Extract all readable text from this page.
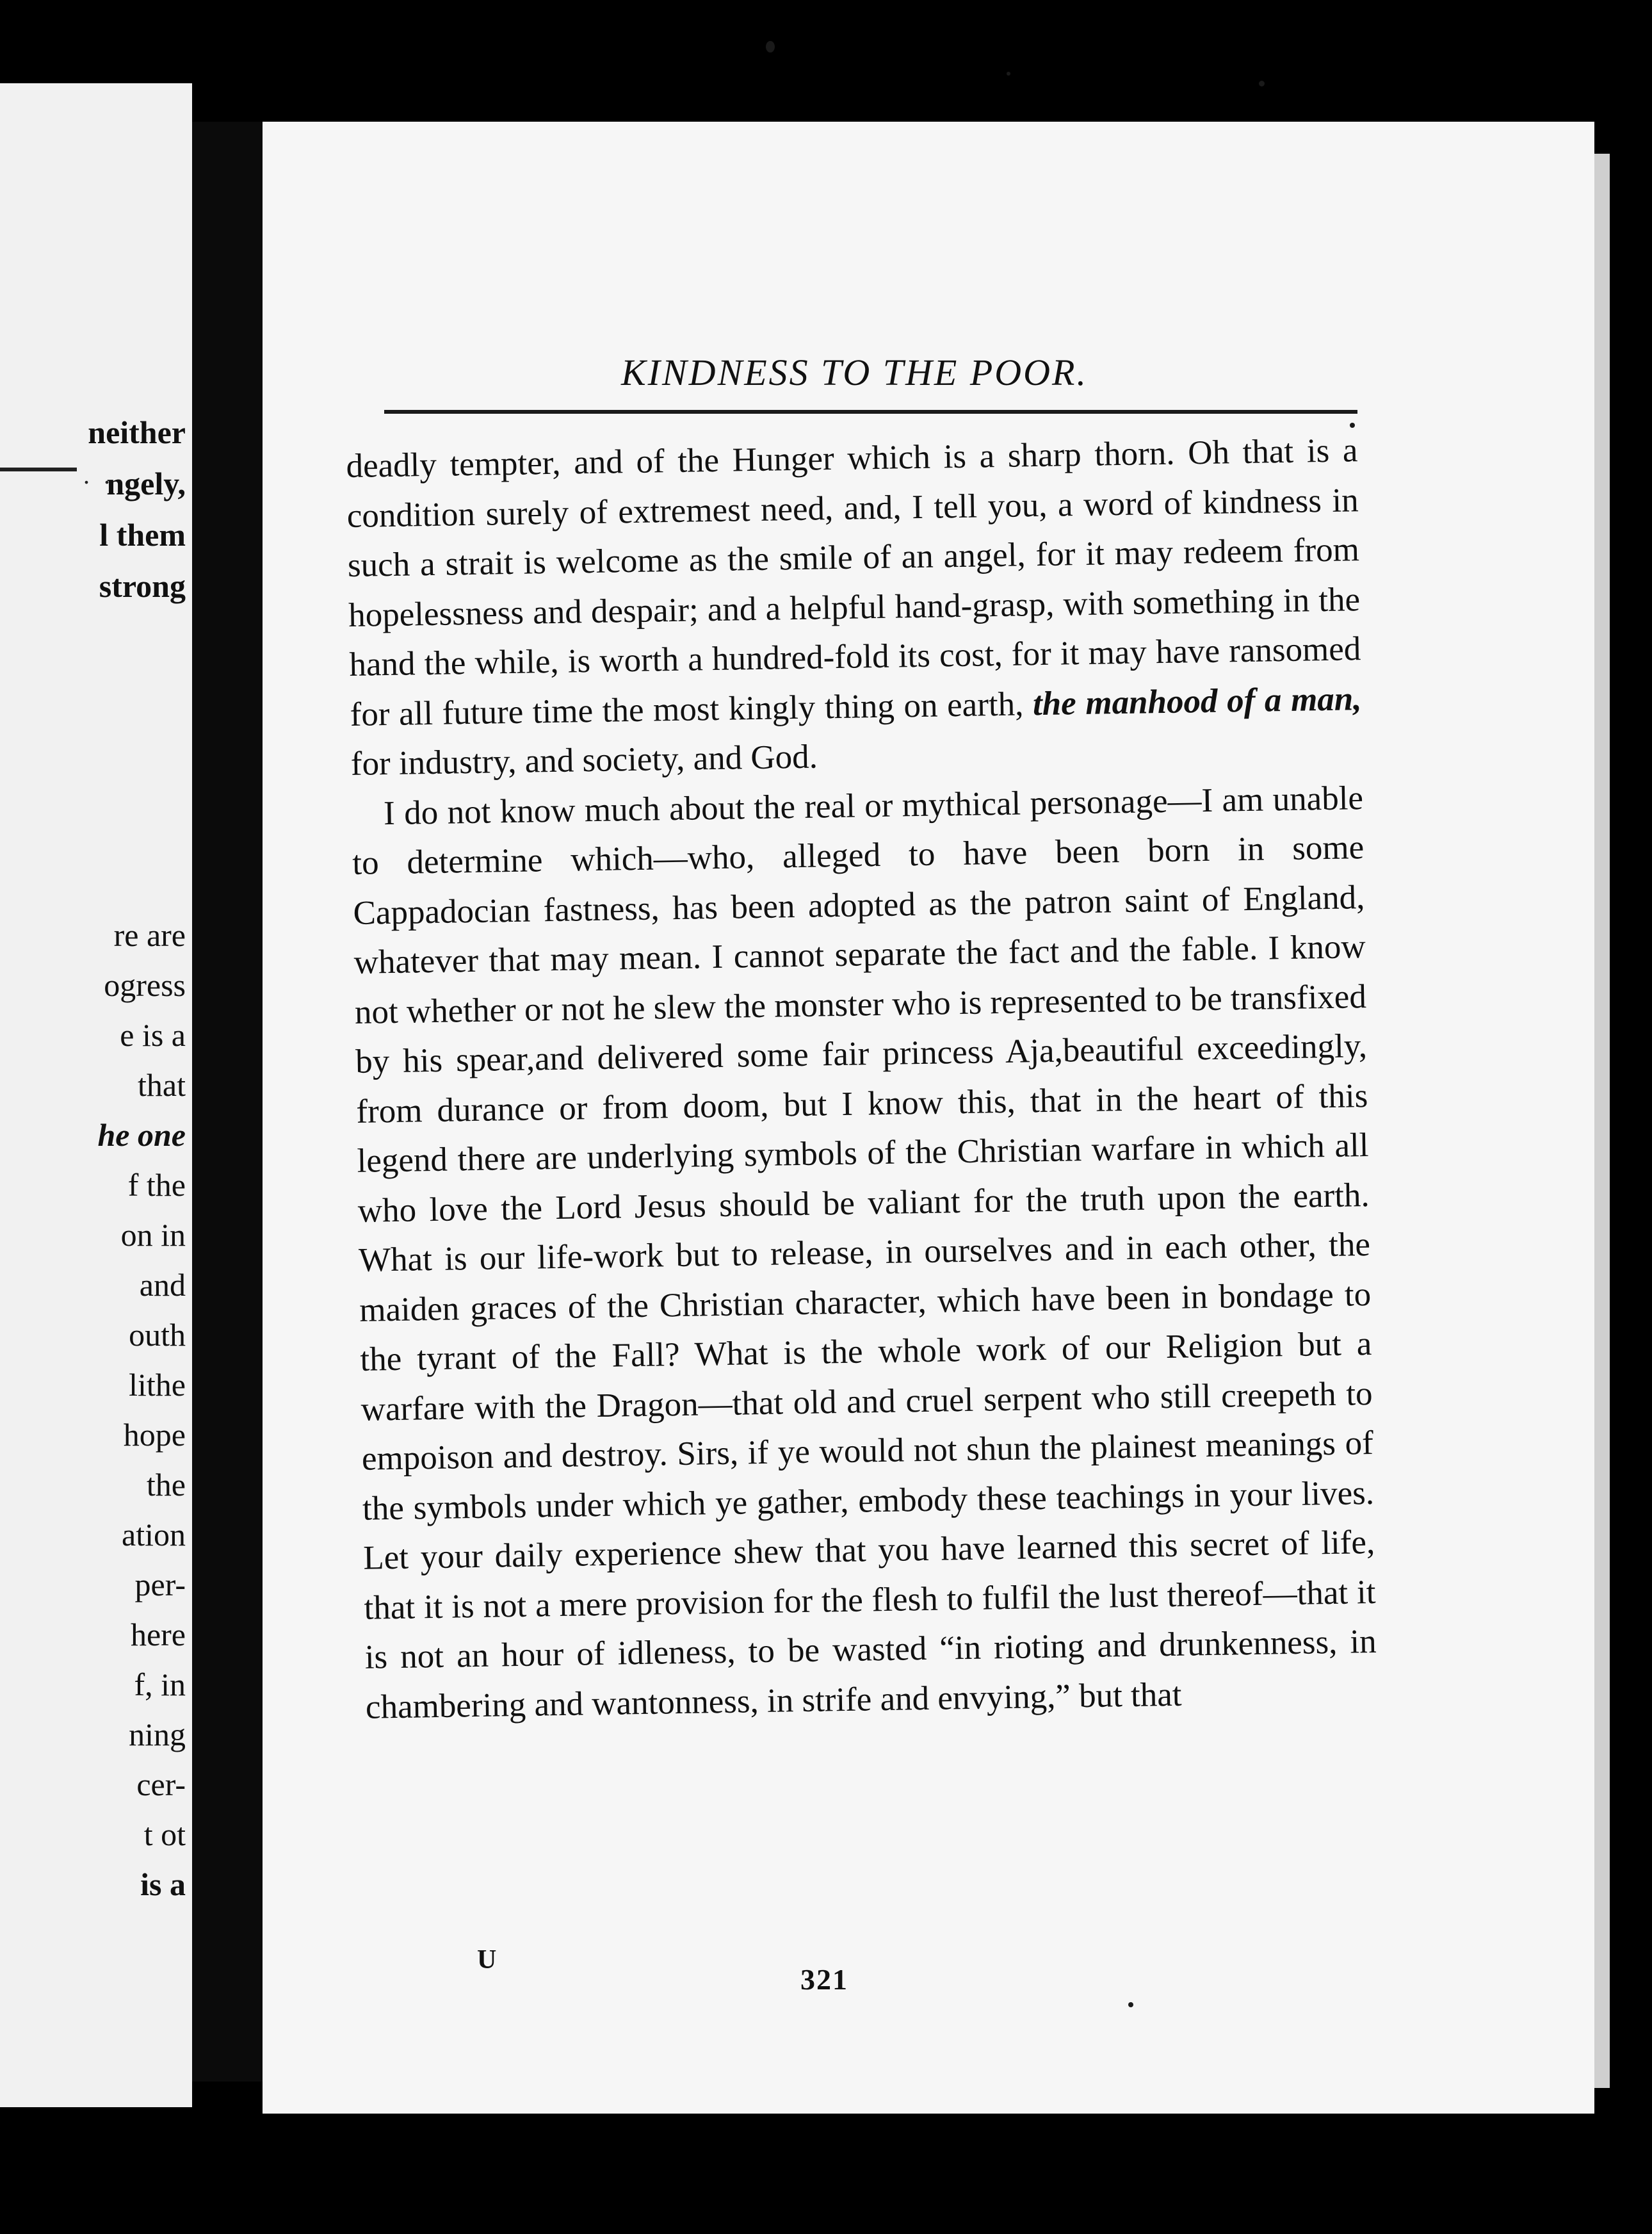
. .
neither
ngely,
l them
strong
re are
ogress
e is a
that
he one
f the
on in
and
outh
lithe
hope
the
ation
per-
here
f, in
ning
cer-
t ot
is a
KINDNESS TO THE POOR.

deadly tempter, and of the Hunger which is a sharp thorn. Oh that is a condition surely of extremest need, and, I tell you, a word of kindness in such a strait is welcome as the smile of an angel, for it may redeem from hopelessness and despair; and a helpful hand-grasp, with something in the hand the while, is worth a hundred-fold its cost, for it may have ransomed for all future time the most kingly thing on earth, the manhood of a man, for industry, and society, and God.

I do not know much about the real or mythical personage—I am unable to determine which—who, alleged to have been born in some Cappadocian fastness, has been adopted as the patron saint of England, whatever that may mean. I cannot separate the fact and the fable. I know not whether or not he slew the monster who is represented to be transfixed by his spear,and delivered some fair princess Aja,beautiful exceedingly, from durance or from doom, but I know this, that in the heart of this legend there are underlying symbols of the Christian warfare in which all who love the Lord Jesus should be valiant for the truth upon the earth. What is our life-work but to release, in ourselves and in each other, the maiden graces of the Christian character, which have been in bondage to the tyrant of the Fall? What is the whole work of our Religion but a warfare with the Dragon—that old and cruel serpent who still creepeth to empoison and destroy. Sirs, if ye would not shun the plainest meanings of the symbols under which ye gather, embody these teachings in your lives. Let your daily experience shew that you have learned this secret of life, that it is not a mere provision for the flesh to fulfil the lust thereof—that it is not an hour of idleness, to be wasted “in rioting and drunkenness, in chambering and wantonness, in strife and envying,” but that

U
321
